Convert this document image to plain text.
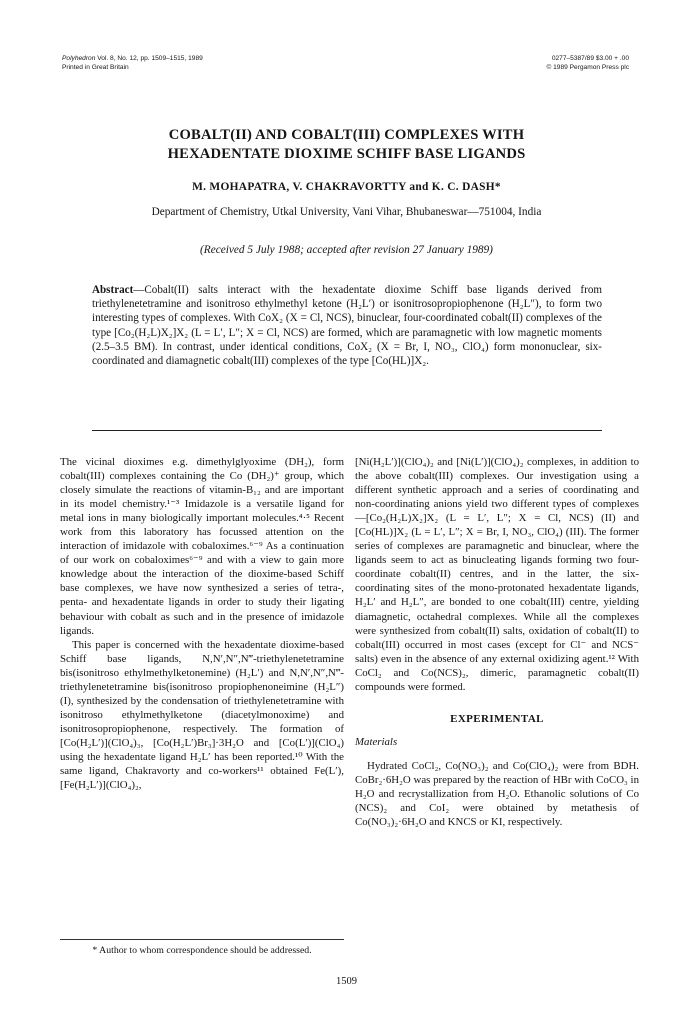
Polyhedron Vol. 8, No. 12, pp. 1509–1515, 1989
Printed in Great Britain
0277–5387/89 $3.00 + .00
© 1989 Pergamon Press plc
COBALT(II) AND COBALT(III) COMPLEXES WITH
HEXADENTATE DIOXIME SCHIFF BASE LIGANDS
M. MOHAPATRA, V. CHAKRAVORTTY and K. C. DASH*
Department of Chemistry, Utkal University, Vani Vihar, Bhubaneswar—751004, India
(Received 5 July 1988; accepted after revision 27 January 1989)
Abstract—Cobalt(II) salts interact with the hexadentate dioxime Schiff base ligands derived from triethylenetetramine and isonitroso ethylmethyl ketone (H₂L′) or isonitrosopropiophenone (H₂L″), to form two interesting types of complexes. With CoX₂ (X = Cl, NCS), binuclear, four-coordinated cobalt(II) complexes of the type [Co₂(H₂L)X₂]X₂ (L = L′, L″; X = Cl, NCS) are formed, which are paramagnetic with low magnetic moments (2.5–3.5 BM). In contrast, under identical conditions, CoX₂ (X = Br, I, NO₃, ClO₄) form mononuclear, six-coordinated and diamagnetic cobalt(III) complexes of the type [Co(HL)]X₂.

The vicinal dioximes e.g. dimethylglyoxime (DH₂), form cobalt(III) complexes containing the Co (DH₂)⁺ group, which closely simulate the reactions of vitamin-B₁₂ and are important in its model chemistry.¹⁻³ Imidazole is a versatile ligand for metal ions in many biologically important molecules.⁴·⁵ Recent work from this laboratory has focussed attention on the interaction of imidazole with cobaloximes.⁶⁻⁹ As a continuation of our work on cobaloximes⁶⁻⁹ and with a view to gain more knowledge about the interaction of the dioxime-based Schiff base complexes, we have now synthesized a series of tetra-, penta- and hexadentate ligands in order to study their ligating behaviour with cobalt as such and in the presence of imidazole ligands.

This paper is concerned with the hexadentate dioxime-based Schiff base ligands, N,N′,N″,N‴-triethylenetetramine bis(isonitroso ethylmethylketonemine) (H₂L′) and N,N′,N″,N‴-triethylenetetramine bis(isonitroso propiophenoneimine (H₂L″) (I), synthesized by the condensation of triethylenetetramine with isonitroso ethylmethylketone (diacetylmonoxime) and isonitrosopropiophenone, respectively. The formation of [Co(H₂L′)](ClO₄)₃, [Co(H₂L′)Br₃]·3H₂O and [Co(L′)](ClO₄) using the hexadentate ligand H₂L′ has been reported.¹⁰ With the same ligand, Chakravorty and co-workers¹¹ obtained Fe(L′), [Fe(H₂L′)](ClO₄)₂,

[Ni(H₂L′)](ClO₄)₂ and [Ni(L′)](ClO₄)₂ complexes, in addition to the above cobalt(III) complexes. Our investigation using a different synthetic approach and a series of coordinating and non-coordinating anions yield two different types of complexes—[Co₂(H₂L)X₂]X₂ (L = L′, L″; X = Cl, NCS) (II) and [Co(HL)]X₂ (L = L′, L″; X = Br, I, NO₃, ClO₄) (III). The former series of complexes are paramagnetic and binuclear, where the ligands seem to act as binucleating ligands forming two four-coordinate cobalt(II) centres, and in the latter, the six-coordinating sites of the mono-protonated hexadentate ligands, H₂L′ and H₂L″, are bonded to one cobalt(III) centre, yielding diamagnetic, octahedral complexes. While all the complexes were synthesized from cobalt(II) salts, oxidation of cobalt(II) to cobalt(III) occurred in most cases (except for Cl⁻ and NCS⁻ salts) even in the absence of any external oxidizing agent.¹² With CoCl₂ and Co(NCS)₂, dimeric, paramagnetic cobalt(II) compounds were formed.

EXPERIMENTAL

Materials

Hydrated CoCl₂, Co(NO₃)₂ and Co(ClO₄)₂ were from BDH. CoBr₂·6H₂O was prepared by the reaction of HBr with CoCO₃ in H₂O and recrystallization from H₂O. Ethanolic solutions of Co (NCS)₂ and CoI₂ were obtained by metathesis of Co(NO₃)₂·6H₂O and KNCS or KI, respectively.

* Author to whom correspondence should be addressed.
1509
